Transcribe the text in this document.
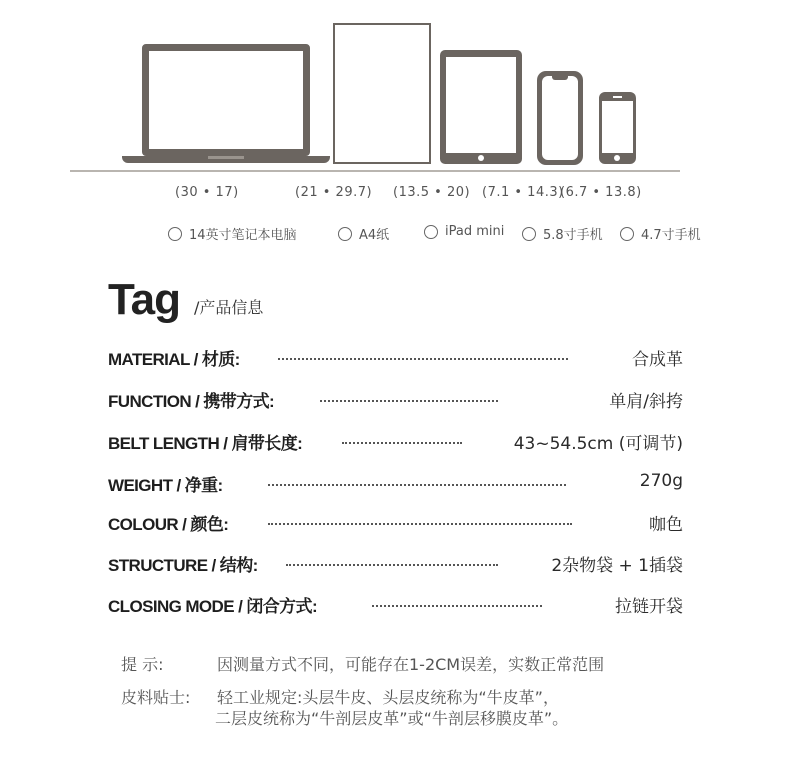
(30 • 17)	(21 • 29.7) (13.5 • 20) (7.1 • 14.3)
(6.7 • 13.8)
14英寸笔记本电脑	A4纸	iPad mini	5.8寸手机	4.7寸手机
Tag /产品信息
MATERIAL / 材质:	合成革
FUNCTION / 携带方式:	单肩/斜挎
BELT LENGTH / 肩带长度:	43~54.5cm (可调节)
WEIGHT / 净重:	270g
COLOUR / 颜色:	咖色
STRUCTURE / 结构:	2杂物袋 + 1插袋
CLOSING MODE / 闭合方式:	拉链开袋
提 示:	因测量方式不同，可能存在1-2CM误差，实数正常范围
皮料贴士: 轻工业规定:头层牛皮、头层皮统称为“牛皮革”，
二层皮统称为“牛剖层皮革”或“牛剖层移膜皮革”。
